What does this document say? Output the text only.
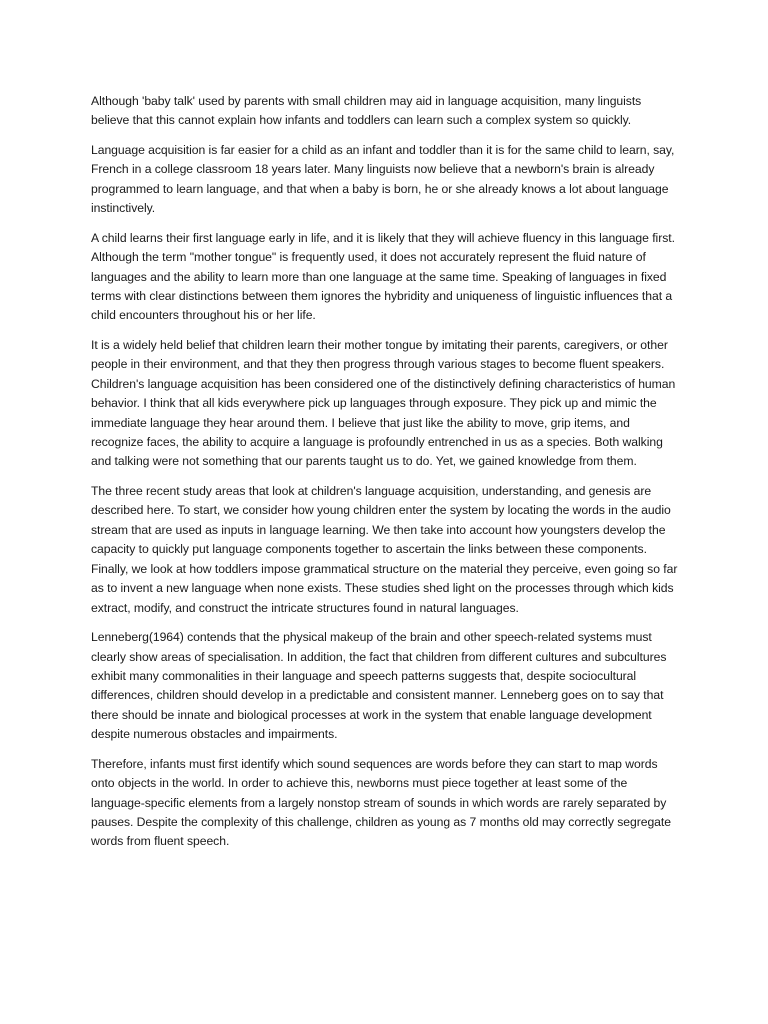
Although 'baby talk' used by parents with small children may aid in language acquisition, many linguists believe that this cannot explain how infants and toddlers can learn such a complex system so quickly.

Language acquisition is far easier for a child as an infant and toddler than it is for the same child to learn, say, French in a college classroom 18 years later. Many linguists now believe that a newborn's brain is already programmed to learn language, and that when a baby is born, he or she already knows a lot about language instinctively.

A child learns their first language early in life, and it is likely that they will achieve fluency in this language first. Although the term "mother tongue" is frequently used, it does not accurately represent the fluid nature of languages and the ability to learn more than one language at the same time. Speaking of languages in fixed terms with clear distinctions between them ignores the hybridity and uniqueness of linguistic influences that a child encounters throughout his or her life.

It is a widely held belief that children learn their mother tongue by imitating their parents, caregivers, or other people in their environment, and that they then progress through various stages to become fluent speakers. Children's language acquisition has been considered one of the distinctively defining characteristics of human behavior. I think that all kids everywhere pick up languages through exposure. They pick up and mimic the immediate language they hear around them. I believe that just like the ability to move, grip items, and recognize faces, the ability to acquire a language is profoundly entrenched in us as a species. Both walking and talking were not something that our parents taught us to do. Yet, we gained knowledge from them.

The three recent study areas that look at children's language acquisition, understanding, and genesis are described here. To start, we consider how young children enter the system by locating the words in the audio stream that are used as inputs in language learning. We then take into account how youngsters develop the capacity to quickly put language components together to ascertain the links between these components. Finally, we look at how toddlers impose grammatical structure on the material they perceive, even going so far as to invent a new language when none exists. These studies shed light on the processes through which kids extract, modify, and construct the intricate structures found in natural languages.

Lenneberg(1964) contends that the physical makeup of the brain and other speech-related systems must clearly show areas of specialisation. In addition, the fact that children from different cultures and subcultures exhibit many commonalities in their language and speech patterns suggests that, despite sociocultural differences, children should develop in a predictable and consistent manner. Lenneberg goes on to say that there should be innate and biological processes at work in the system that enable language development despite numerous obstacles and impairments.

Therefore, infants must first identify which sound sequences are words before they can start to map words onto objects in the world. In order to achieve this, newborns must piece together at least some of the language-specific elements from a largely nonstop stream of sounds in which words are rarely separated by pauses. Despite the complexity of this challenge, children as young as 7 months old may correctly segregate words from fluent speech.
